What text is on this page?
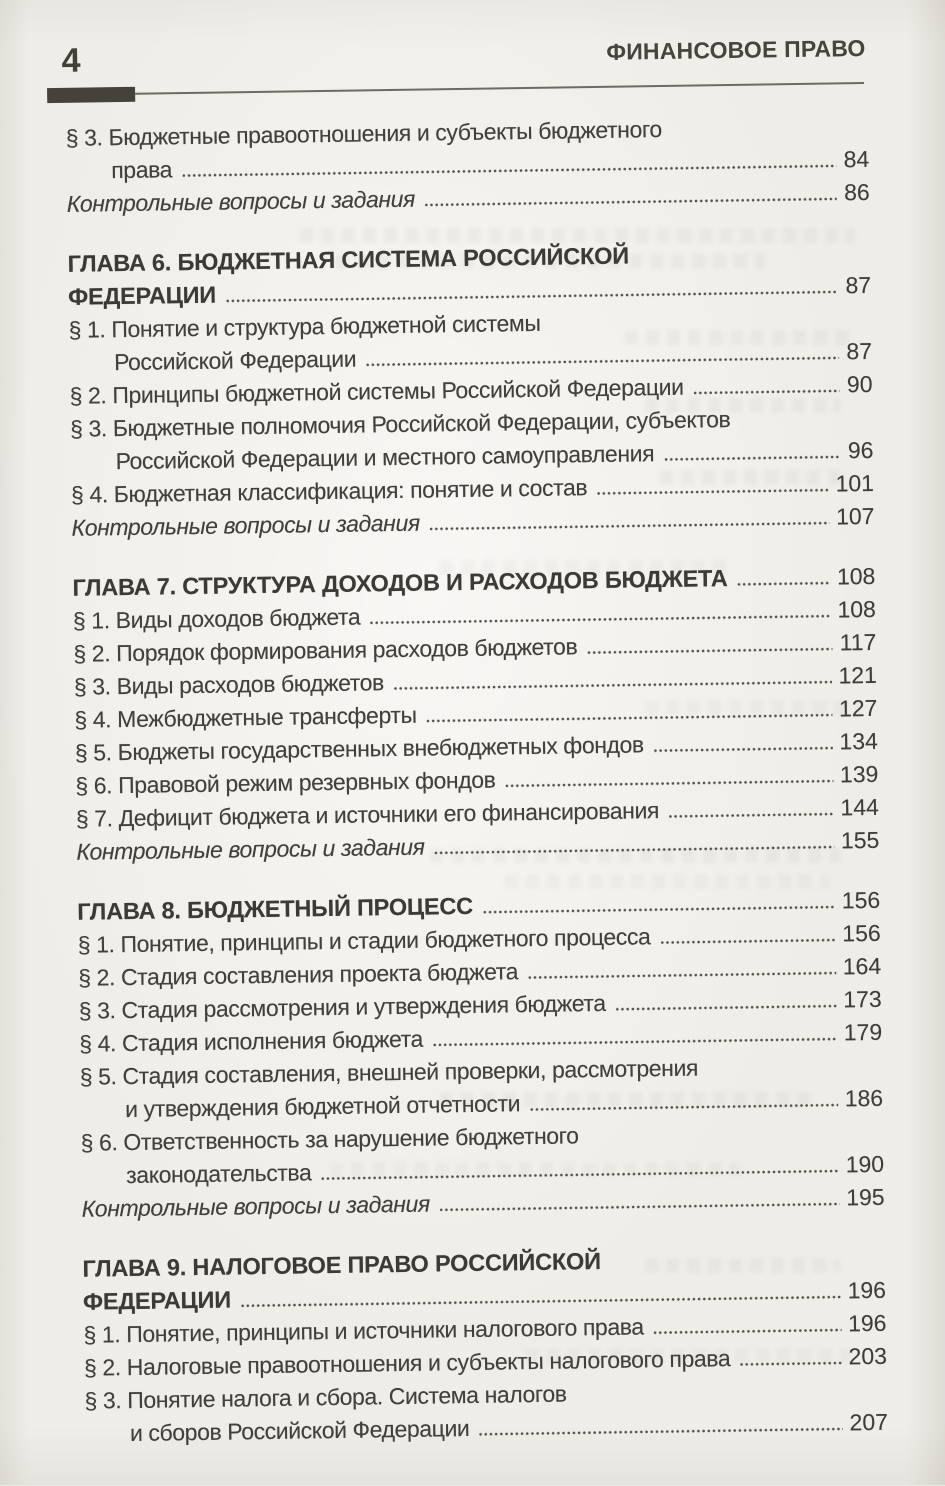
4	ФИНАНСОВОЕ ПРАВО
§ 3. Бюджетные правоотношения и субъекты бюджетного
права	84
Контрольные вопросы и задания	86
ГЛАВА 6. БЮДЖЕТНАЯ СИСТЕМА РОССИЙСКОЙ
ФЕДЕРАЦИИ	87
§ 1. Понятие и структура бюджетной системы
Российской Федерации	87
§ 2. Принципы бюджетной системы Российской Федерации	90
§ 3. Бюджетные полномочия Российской Федерации, субъектов
Российской Федерации и местного самоуправления	96
§ 4. Бюджетная классификация: понятие и состав	101
Контрольные вопросы и задания	107
ГЛАВА 7. СТРУКТУРА ДОХОДОВ И РАСХОДОВ БЮДЖЕТА	108
§ 1. Виды доходов бюджета	108
§ 2. Порядок формирования расходов бюджетов	117
§ 3. Виды расходов бюджетов	121
§ 4. Межбюджетные трансферты	127
§ 5. Бюджеты государственных внебюджетных фондов	134
§ 6. Правовой режим резервных фондов	139
§ 7. Дефицит бюджета и источники его финансирования	144
Контрольные вопросы и задания	155
ГЛАВА 8. БЮДЖЕТНЫЙ ПРОЦЕСС	156
§ 1. Понятие, принципы и стадии бюджетного процесса	156
§ 2. Стадия составления проекта бюджета	164
§ 3. Стадия рассмотрения и утверждения бюджета	173
§ 4. Стадия исполнения бюджета	179
§ 5. Стадия составления, внешней проверки, рассмотрения
и утверждения бюджетной отчетности	186
§ 6. Ответственность за нарушение бюджетного
законодательства	190
Контрольные вопросы и задания	195
ГЛАВА 9. НАЛОГОВОЕ ПРАВО РОССИЙСКОЙ
ФЕДЕРАЦИИ	196
§ 1. Понятие, принципы и источники налогового права	196
§ 2. Налоговые правоотношения и субъекты налогового права	203
§ 3. Понятие налога и сбора. Система налогов
и сборов Российской Федерации	207
